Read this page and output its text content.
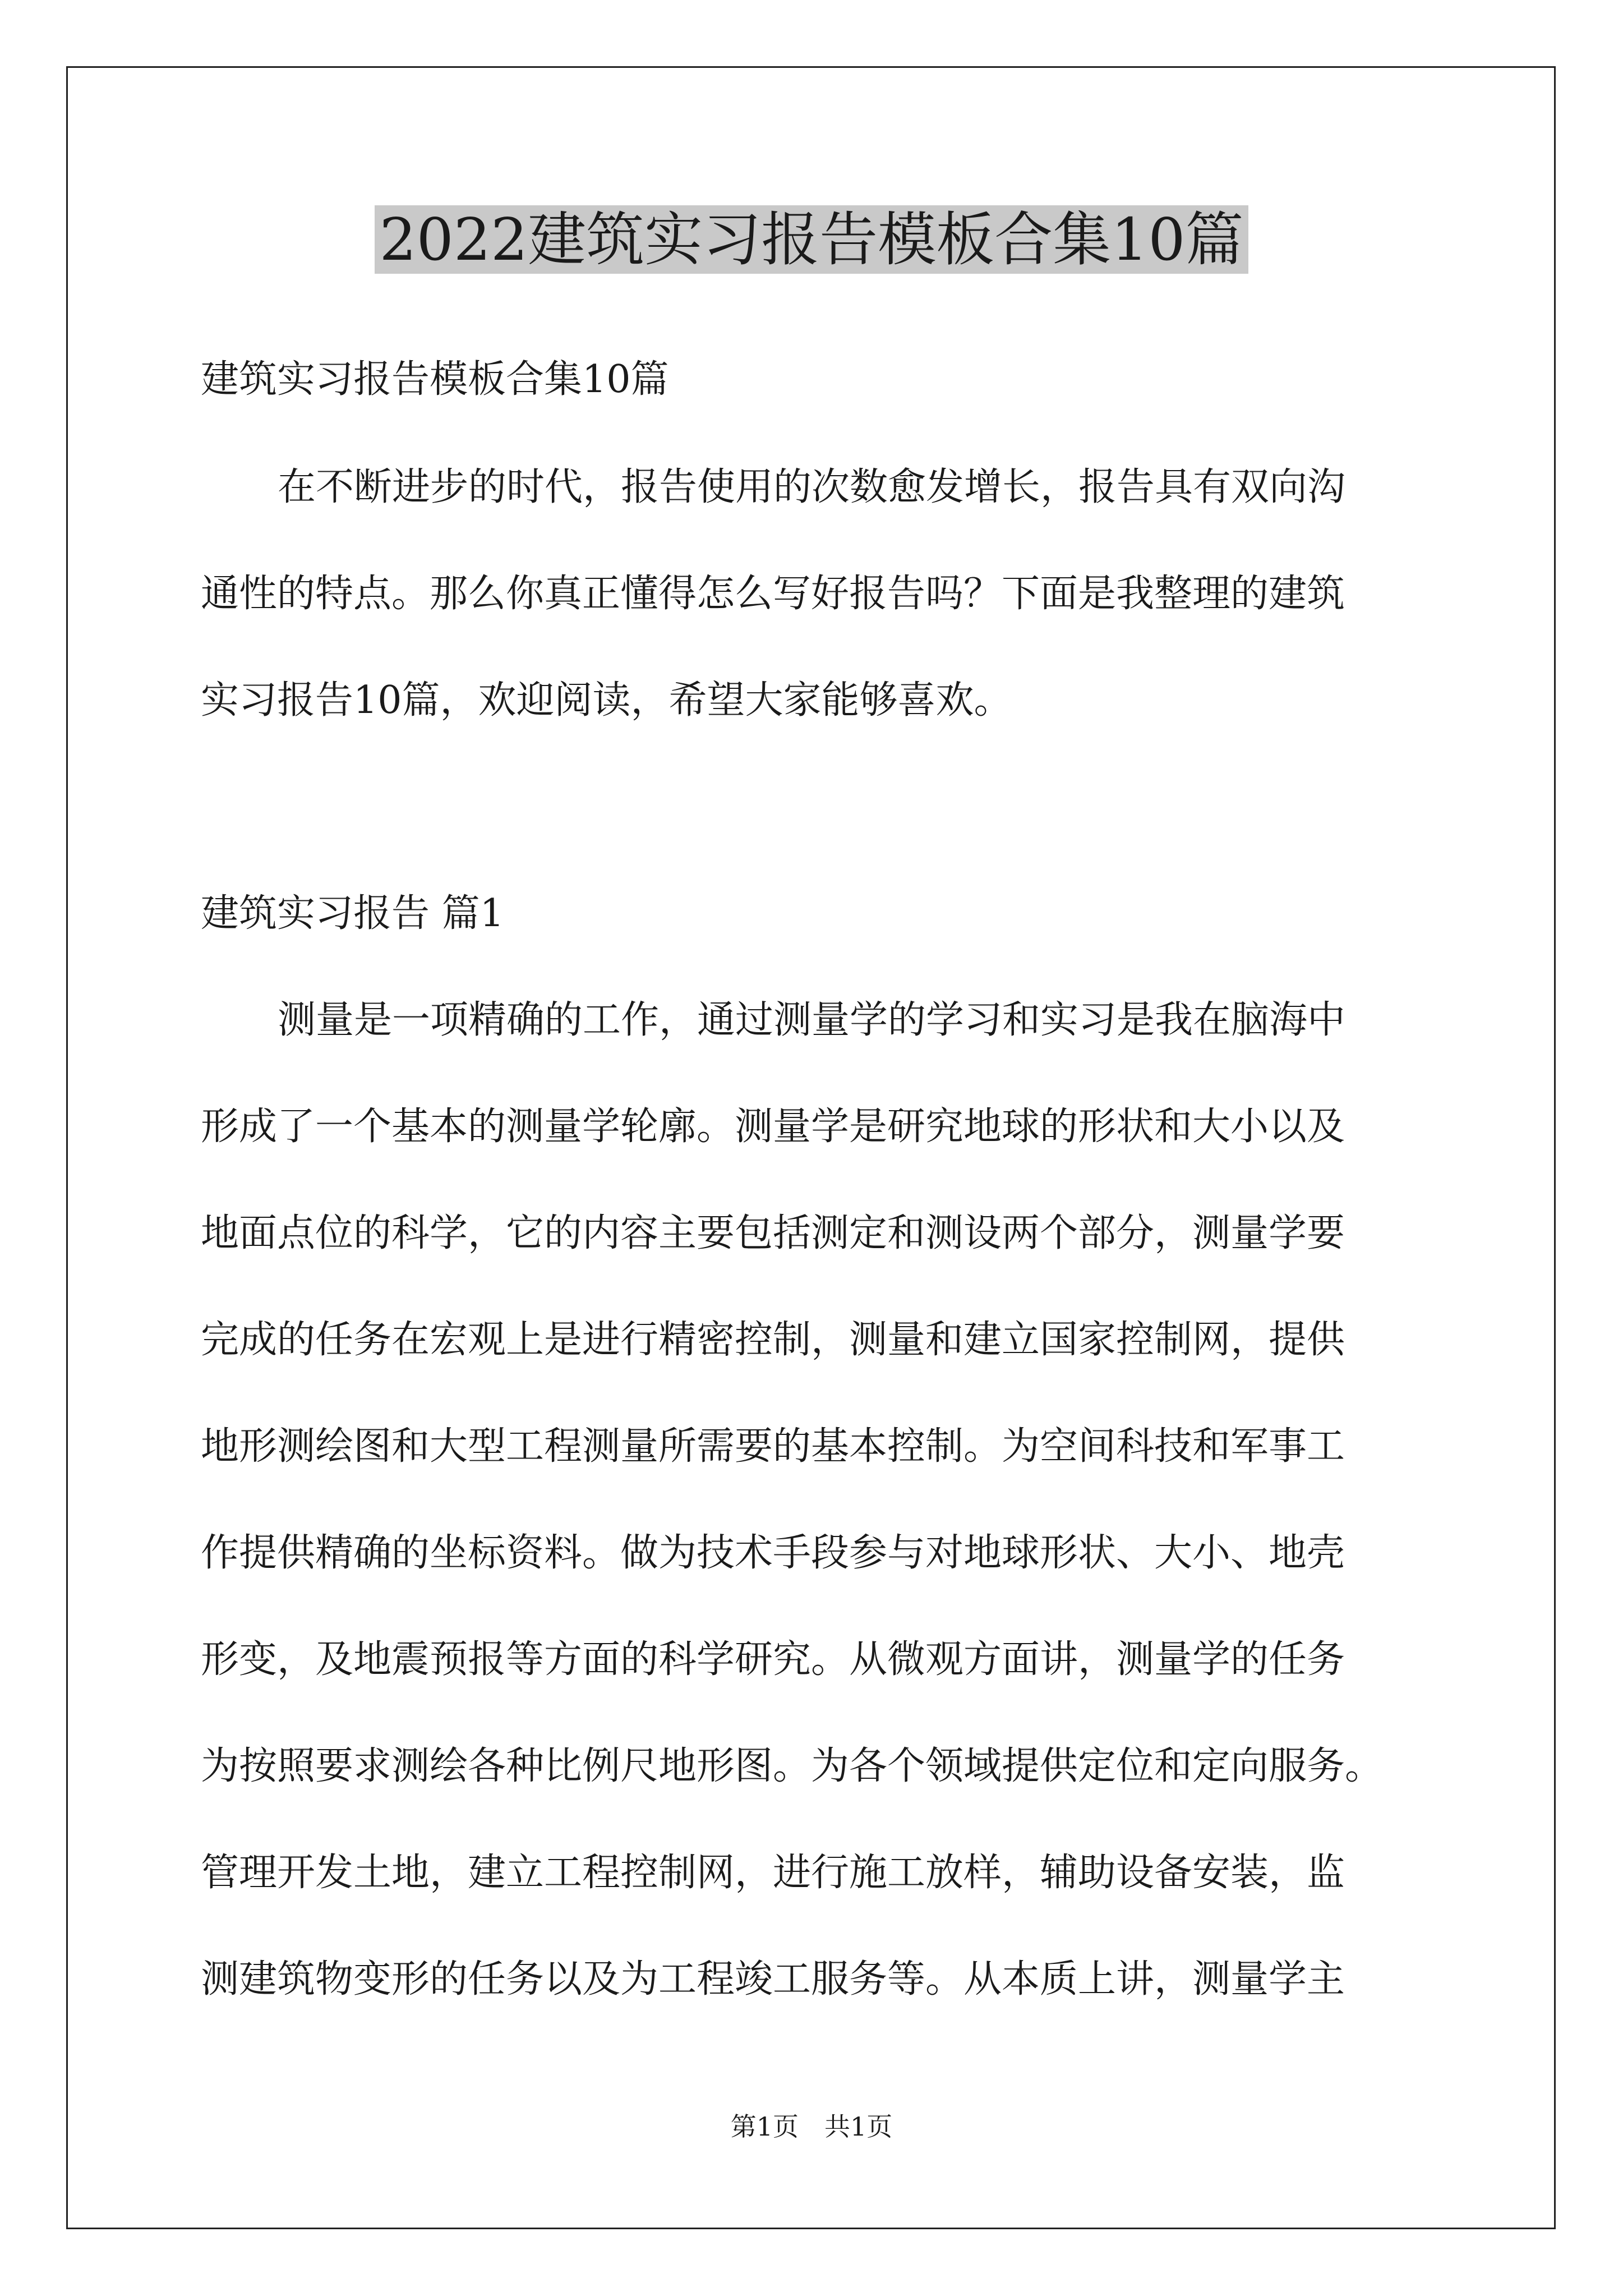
2022建筑实习报告模板合集10篇
建筑实习报告模板合集10篇
在不断进步的时代，报告使用的次数愈发增长，报告具有双向沟
通性的特点。那么你真正懂得怎么写好报告吗？下面是我整理的建筑
实习报告10篇，欢迎阅读，希望大家能够喜欢。
建筑实习报告 篇1
测量是一项精确的工作，通过测量学的学习和实习是我在脑海中
形成了一个基本的测量学轮廓。测量学是研究地球的形状和大小以及
地面点位的科学，它的内容主要包括测定和测设两个部分，测量学要
完成的任务在宏观上是进行精密控制，测量和建立国家控制网，提供
地形测绘图和大型工程测量所需要的基本控制。为空间科技和军事工
作提供精确的坐标资料。做为技术手段参与对地球形状、大小、地壳
形变，及地震预报等方面的科学研究。从微观方面讲，测量学的任务
为按照要求测绘各种比例尺地形图。为各个领域提供定位和定向服务。
管理开发土地，建立工程控制网，进行施工放样，辅助设备安装，监
测建筑物变形的任务以及为工程竣工服务等。从本质上讲，测量学主
第1页　共1页
